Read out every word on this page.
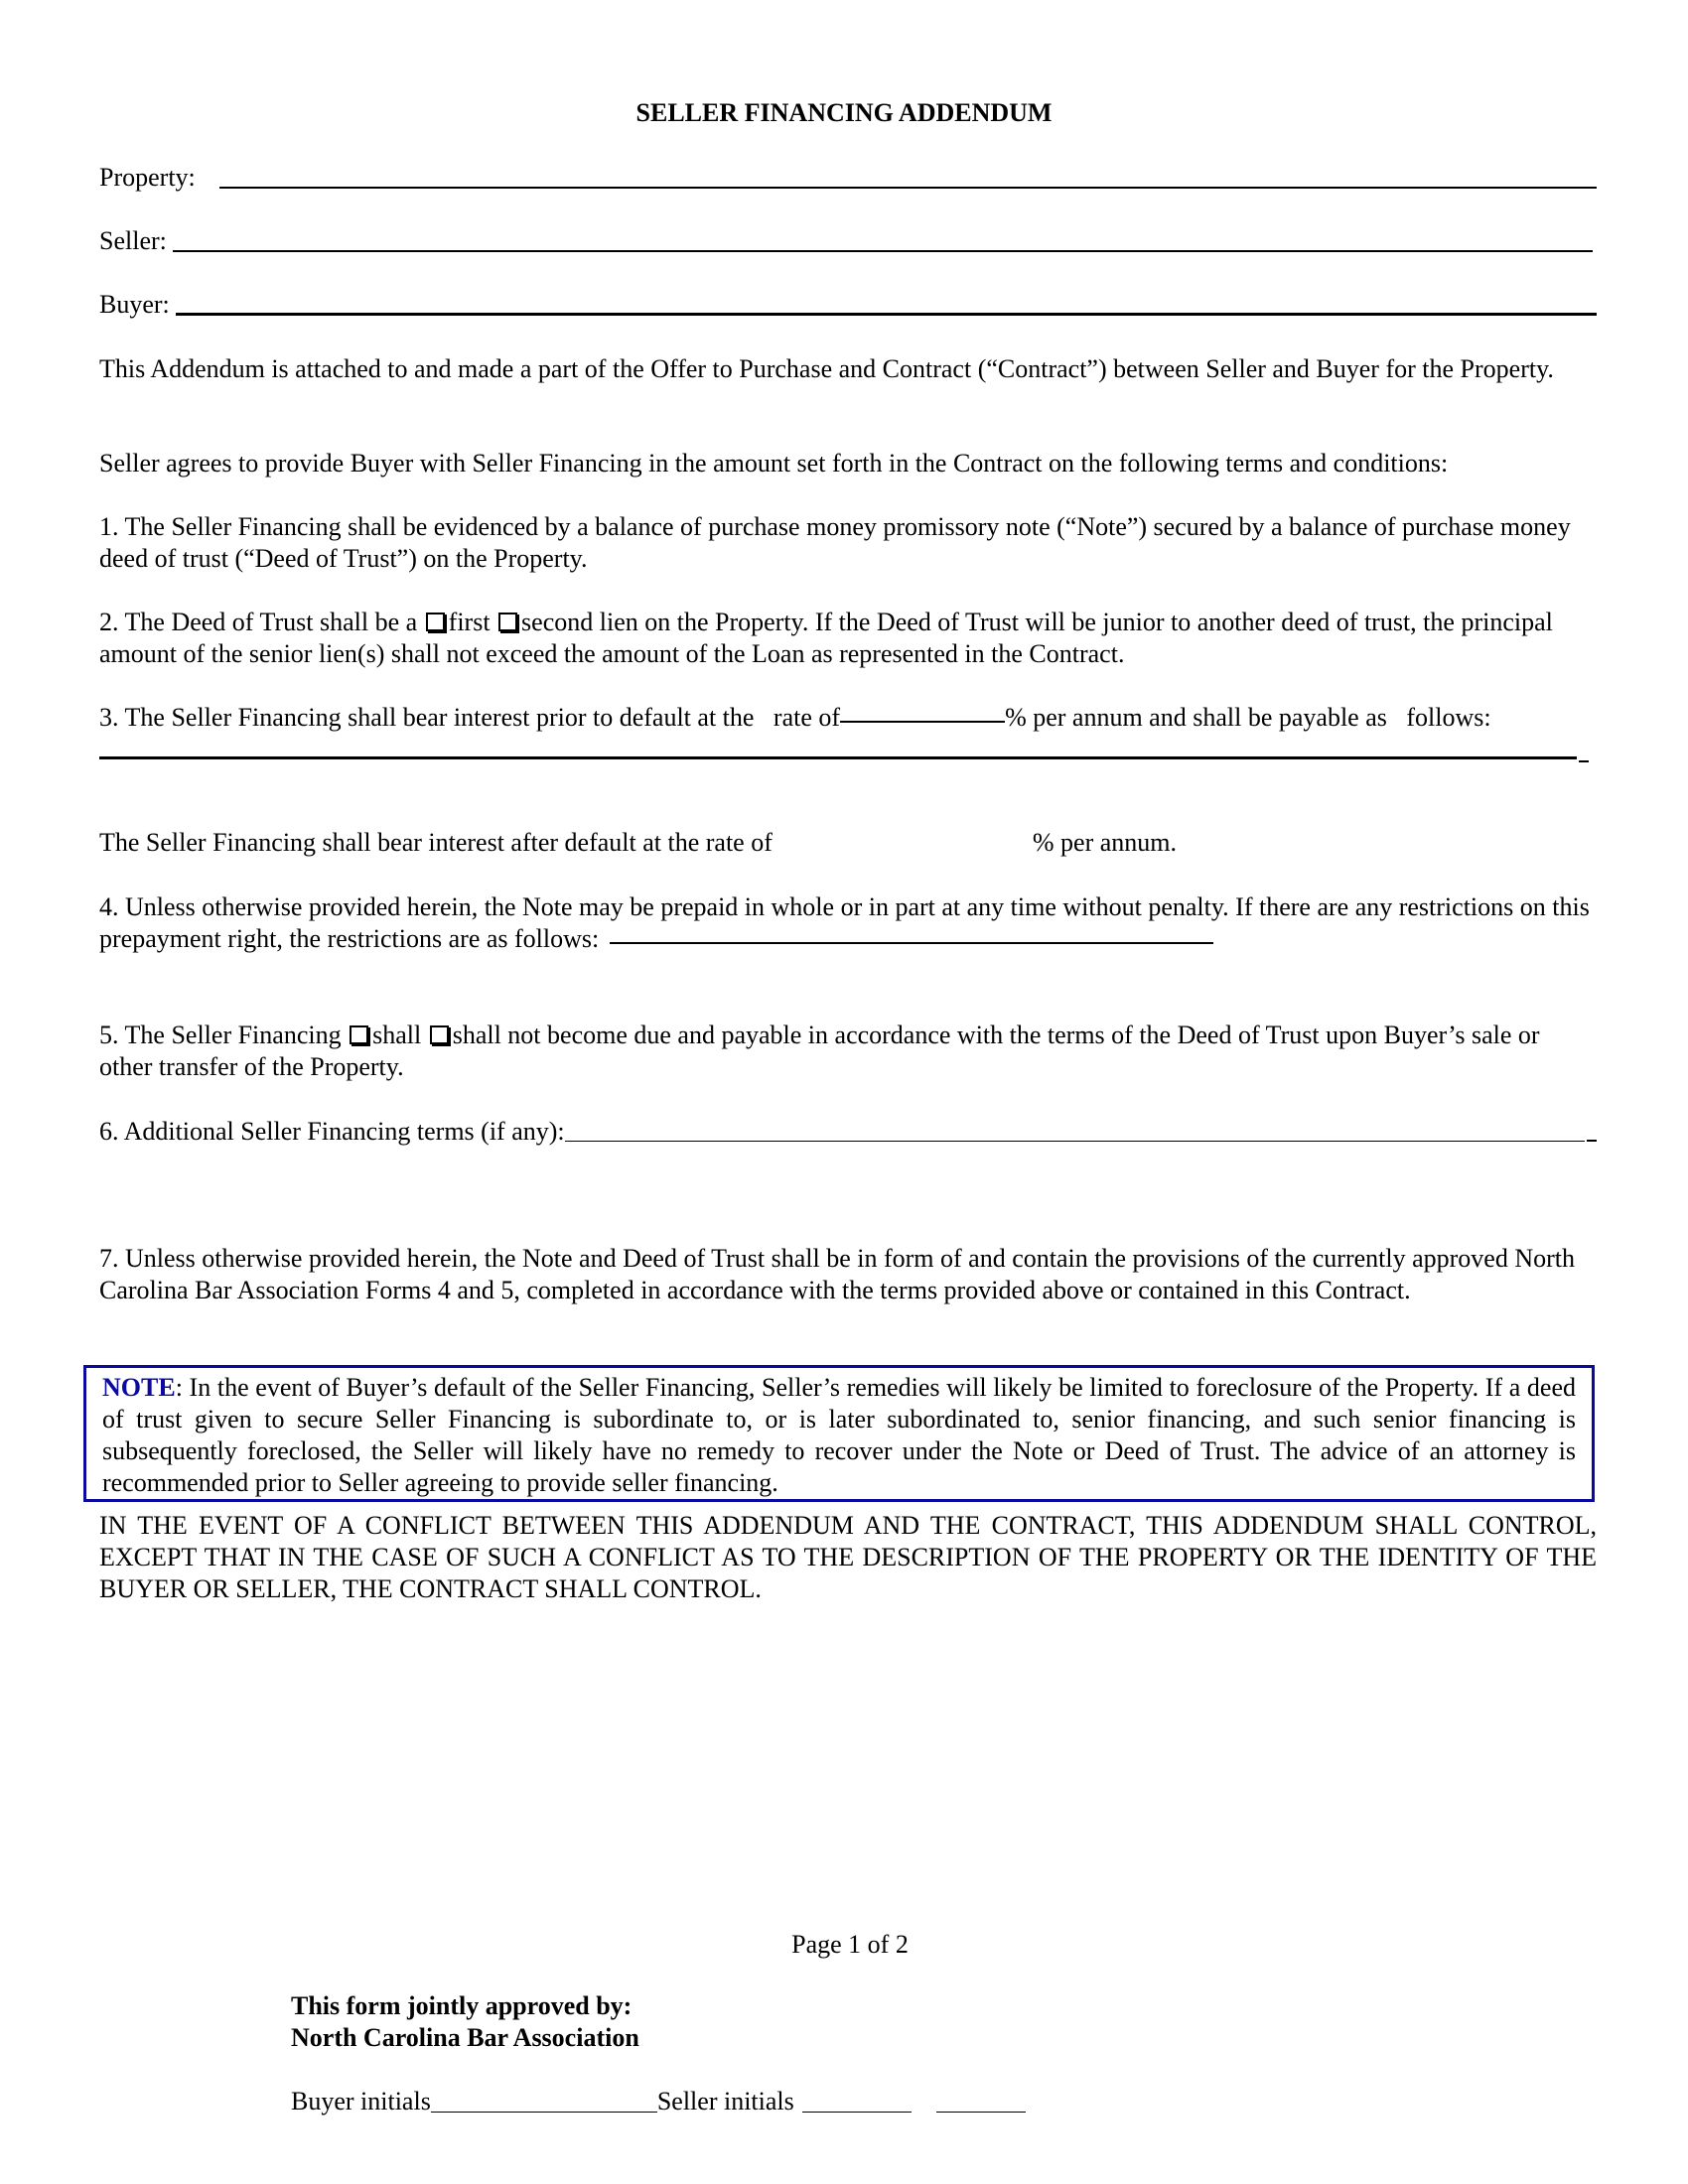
SELLER FINANCING ADDENDUM
Property:
Seller:
Buyer:
This Addendum is attached to and made a part of the Offer to Purchase and Contract (“Contract”) between Seller and Buyer for the Property.
Seller agrees to provide Buyer with Seller Financing in the amount set forth in the Contract on the following terms and conditions:
1. The Seller Financing shall be evidenced by a balance of purchase money promissory note (“Note”) secured by a balance of purchase money deed of trust (“Deed of Trust”) on the Property.
2. The Deed of Trust shall be a first second lien on the Property. If the Deed of Trust will be junior to another deed of trust, the principal amount of the senior lien(s) shall not exceed the amount of the Loan as represented in the Contract.
3. The Seller Financing shall bear interest prior to default at the   rate of	% per annum and shall be payable as   follows:
The Seller Financing shall bear interest after default at the rate of	% per annum.
4. Unless otherwise provided herein, the Note may be prepaid in whole or in part at any time without penalty. If there are any restrictions on this prepayment right, the restrictions are as follows:
5. The Seller Financing shall shall not become due and payable in accordance with the terms of the Deed of Trust upon Buyer’s sale or other transfer of the Property.
6. Additional Seller Financing terms (if any):
7. Unless otherwise provided herein, the Note and Deed of Trust shall be in form of and contain the provisions of the currently approved North Carolina Bar Association Forms 4 and 5, completed in accordance with the terms provided above or contained in this Contract.
NOTE: In the event of Buyer’s default of the Seller Financing, Seller’s remedies will likely be limited to foreclosure of the Property. If a deed of trust given to secure Seller Financing is subordinate to, or is later subordinated to, senior financing, and such senior financing is subsequently foreclosed, the Seller will likely have no remedy to recover under the Note or Deed of Trust. The advice of an attorney is recommended prior to Seller agreeing to provide seller financing.
IN THE EVENT OF A CONFLICT BETWEEN THIS ADDENDUM AND THE CONTRACT, THIS ADDENDUM SHALL CONTROL, EXCEPT THAT IN THE CASE OF SUCH A CONFLICT AS TO THE DESCRIPTION OF THE PROPERTY OR THE IDENTITY OF THE BUYER OR SELLER, THE CONTRACT SHALL CONTROL.
Page 1 of 2
This form jointly approved by:
North Carolina Bar Association
Buyer initials	Seller initials
